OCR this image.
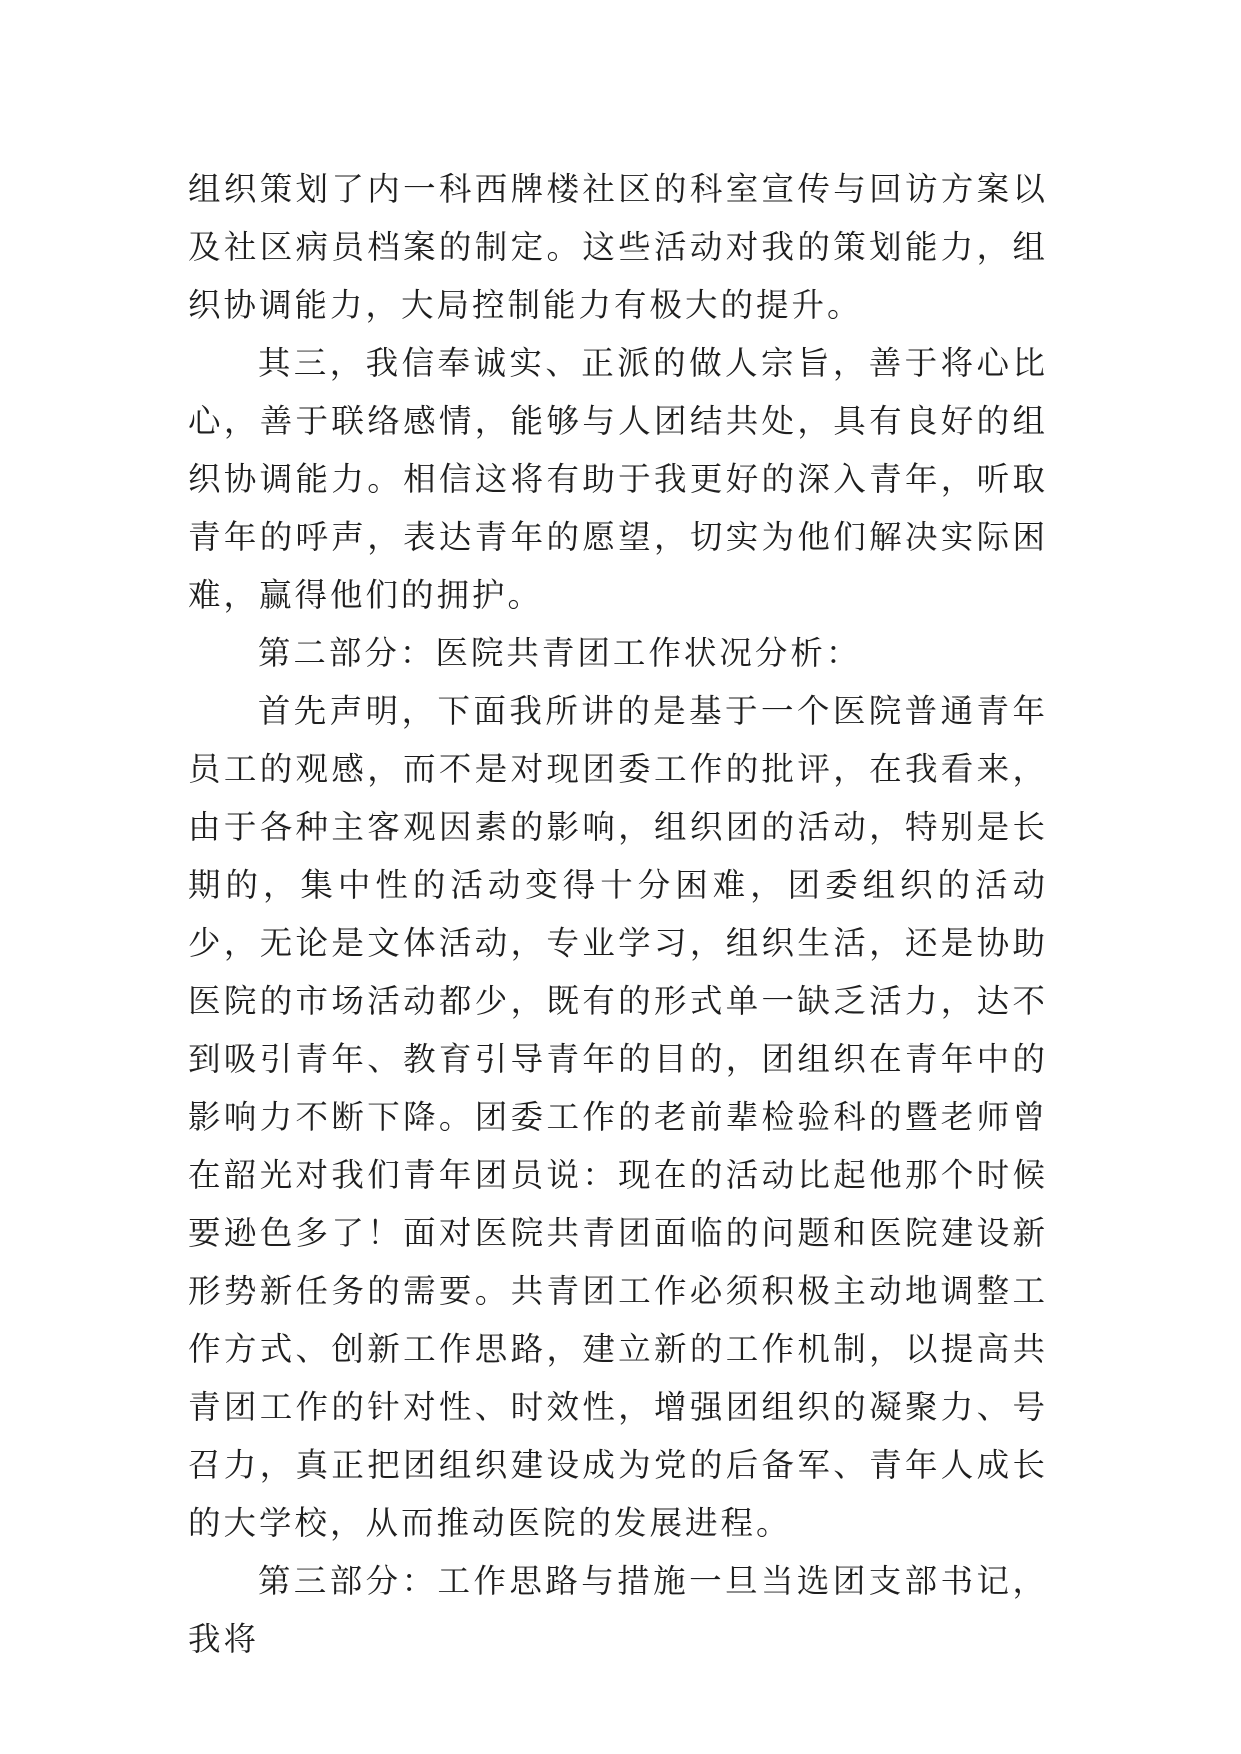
组织策划了内一科西牌楼社区的科室宣传与回访方案以及社区病员档案的制定。这些活动对我的策划能力，组织协调能力，大局控制能力有极大的提升。

其三，我信奉诚实、正派的做人宗旨，善于将心比心，善于联络感情，能够与人团结共处，具有良好的组织协调能力。相信这将有助于我更好的深入青年，听取青年的呼声，表达青年的愿望，切实为他们解决实际困难，赢得他们的拥护。

第二部分：医院共青团工作状况分析：

首先声明，下面我所讲的是基于一个医院普通青年员工的观感，而不是对现团委工作的批评，在我看来，由于各种主客观因素的影响，组织团的活动，特别是长期的，集中性的活动变得十分困难，团委组织的活动少，无论是文体活动，专业学习，组织生活，还是协助医院的市场活动都少，既有的形式单一缺乏活力，达不到吸引青年、教育引导青年的目的，团组织在青年中的影响力不断下降。团委工作的老前辈检验科的暨老师曾在韶光对我们青年团员说：现在的活动比起他那个时候要逊色多了！面对医院共青团面临的问题和医院建设新形势新任务的需要。共青团工作必须积极主动地调整工作方式、创新工作思路，建立新的工作机制，以提高共青团工作的针对性、时效性，增强团组织的凝聚力、号召力，真正把团组织建设成为党的后备军、青年人成长的大学校，从而推动医院的发展进程。

第三部分：工作思路与措施一旦当选团支部书记，我将
